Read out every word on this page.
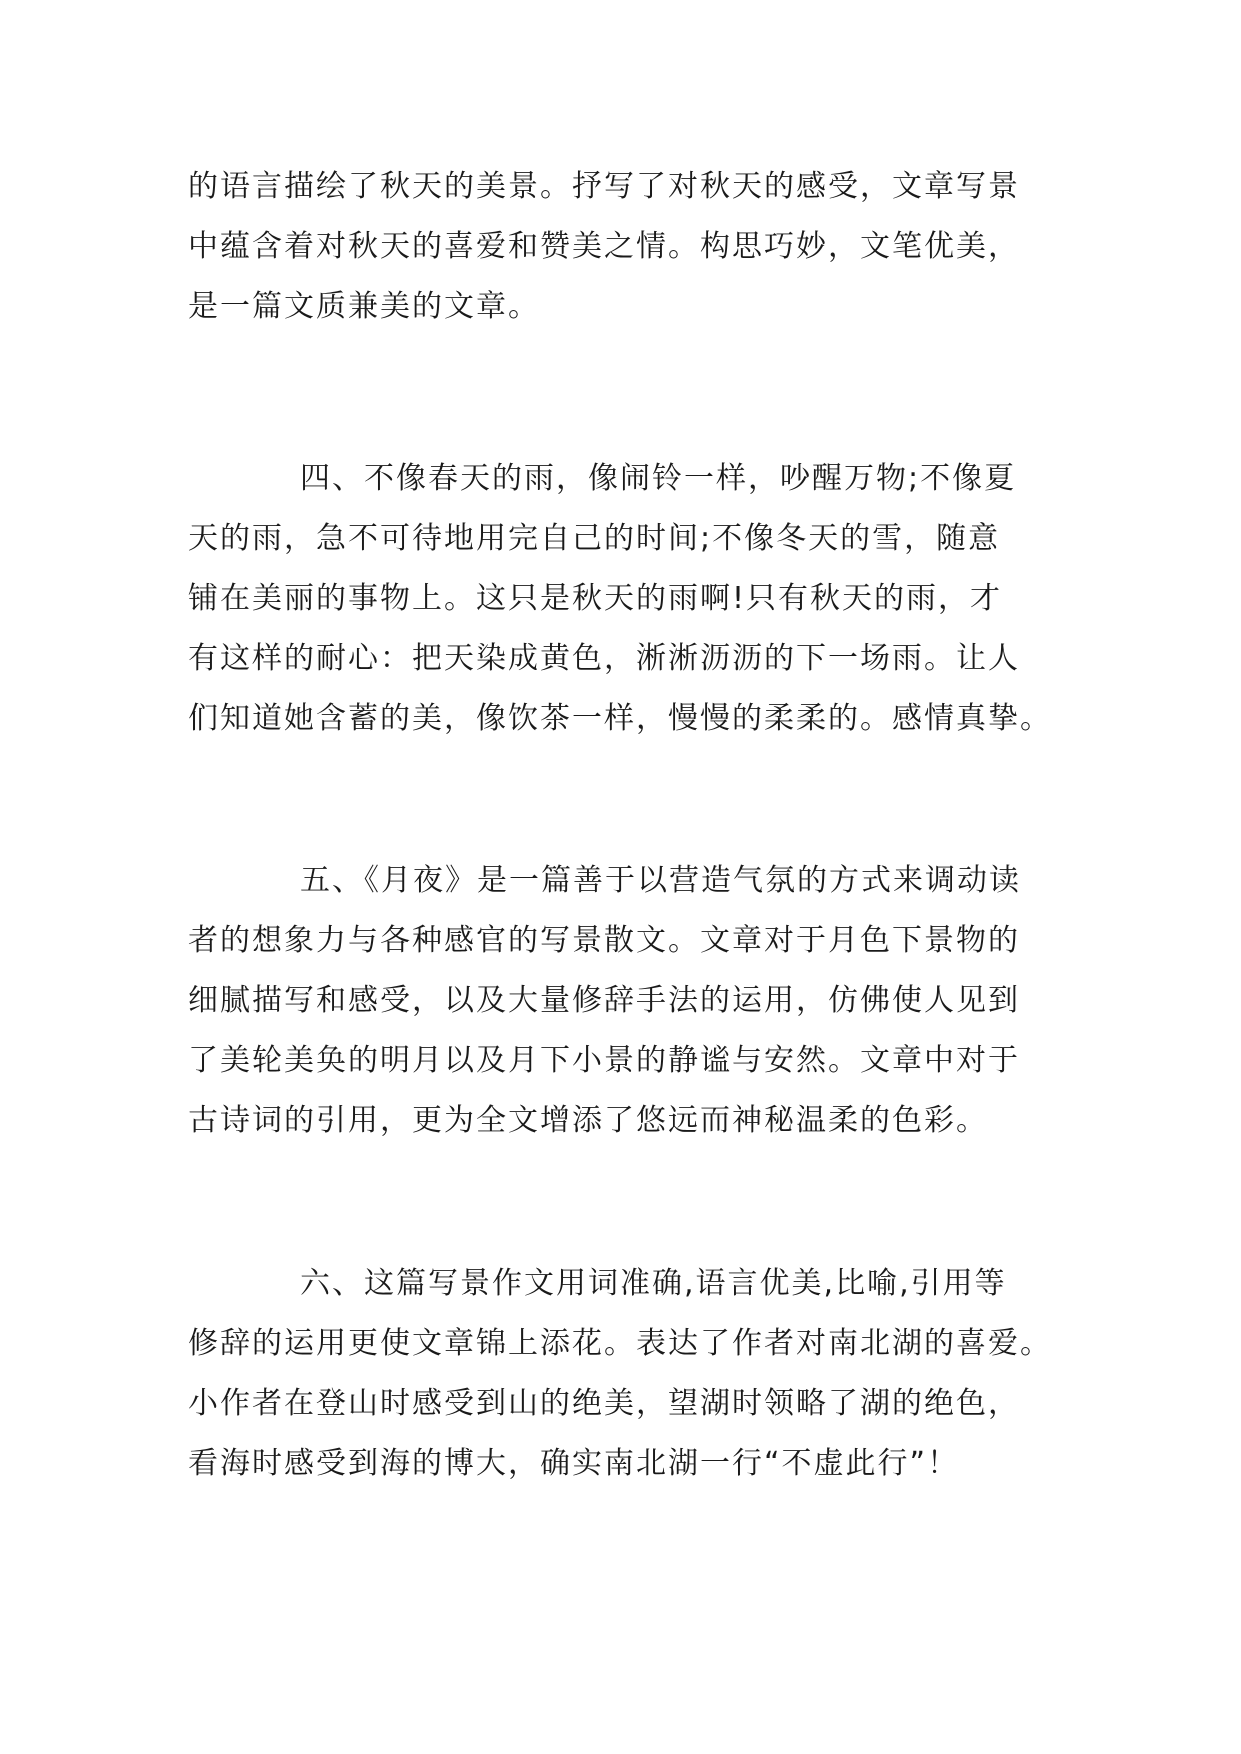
的语言描绘了秋天的美景。抒写了对秋天的感受，文章写景
中蕴含着对秋天的喜爱和赞美之情。构思巧妙，文笔优美，
是一篇文质兼美的文章。
四、不像春天的雨，像闹铃一样，吵醒万物;不像夏
天的雨，急不可待地用完自己的时间;不像冬天的雪，随意
铺在美丽的事物上。这只是秋天的雨啊!只有秋天的雨，才
有这样的耐心：把天染成黄色，淅淅沥沥的下一场雨。让人
们知道她含蓄的美，像饮茶一样，慢慢的柔柔的。感情真挚。
五、《月夜》是一篇善于以营造气氛的方式来调动读
者的想象力与各种感官的写景散文。文章对于月色下景物的
细腻描写和感受，以及大量修辞手法的运用，仿佛使人见到
了美轮美奂的明月以及月下小景的静谧与安然。文章中对于
古诗词的引用，更为全文增添了悠远而神秘温柔的色彩。
六、这篇写景作文用词准确,语言优美,比喻,引用等
修辞的运用更使文章锦上添花。表达了作者对南北湖的喜爱。
小作者在登山时感受到山的绝美，望湖时领略了湖的绝色，
看海时感受到海的博大，确实南北湖一行“不虚此行”！
